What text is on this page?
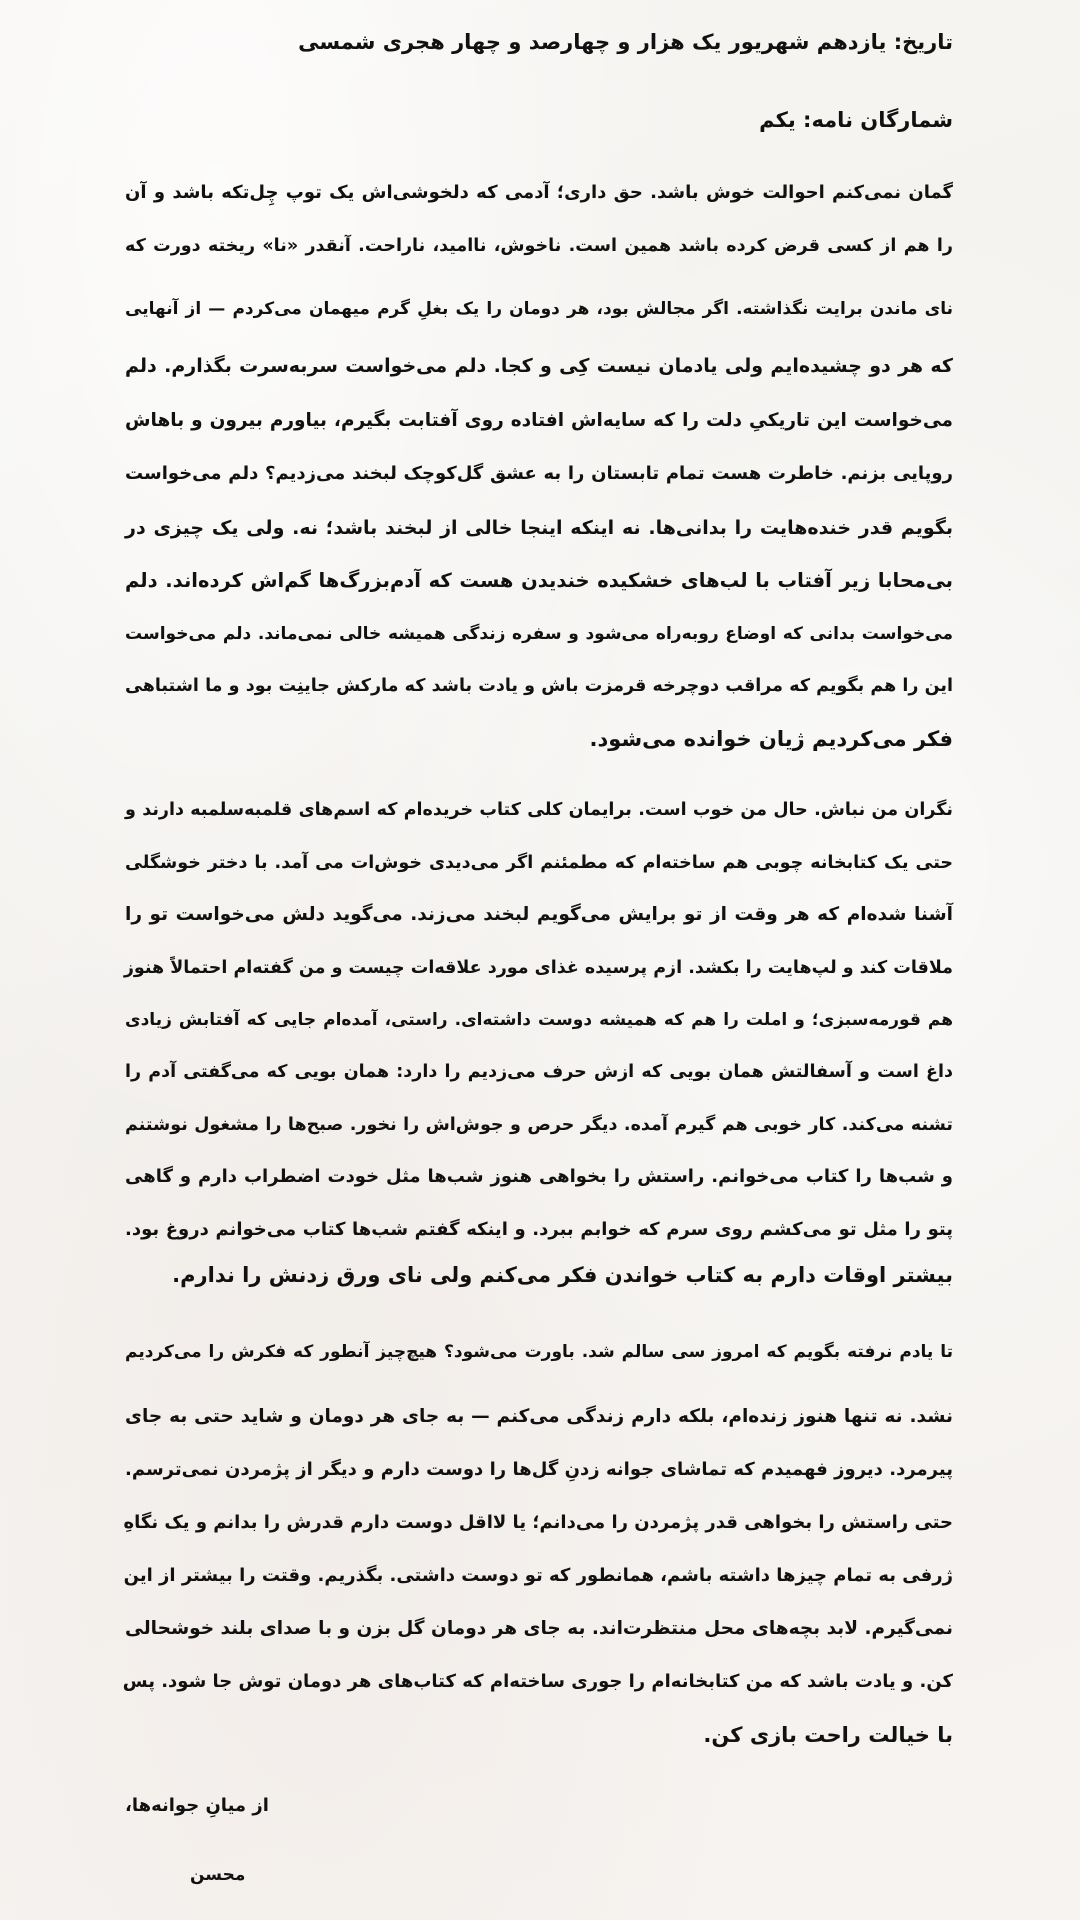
تاریخ: یازدهم شهریور یک هزار و چهارصد و چهار هجری شمسی
شمارگان نامه: یکم
گمان نمی‌کنم احوالت خوش باشد. حق داری؛ آدمی که دلخوشی‌اش یک توپ چِل‌تکه باشد و آن
را هم از کسی قرض کرده باشد همین است. ناخوش، ناامید، ناراحت. آنقدر «نا» ریخته دورت که
نای ماندن برایت نگذاشته. اگر مجالش بود، هر دومان را یک بغلِ گرم میهمان می‌کردم — از آنهایی
که هر دو چشیده‌ایم ولی یادمان نیست کِی و کجا. دلم می‌خواست سربه‌سرت بگذارم. دلم
می‌خواست این تاریکیِ دلت را که سایه‌اش افتاده روی آفتابت بگیرم، بیاورم بیرون و باهاش
روپایی بزنم. خاطرت هست تمام تابستان را به عشق گل‌کوچک لبخند می‌زدیم؟ دلم می‌خواست
بگویم قدر خنده‌هایت را بدانی‌ها. نه اینکه اینجا خالی از لبخند باشد؛ نه. ولی یک چیزی در
بی‌محابا زیر آفتاب با لب‌های خشکیده خندیدن هست که آدم‌بزرگ‌ها گم‌اش کرده‌اند. دلم
می‌خواست بدانی که اوضاع روبه‌راه می‌شود و سفره زندگی همیشه خالی نمی‌ماند. دلم می‌خواست
این را هم بگویم که مراقب دوچرخه قرمزت باش و یادت باشد که مارکش جاینِت بود و ما اشتباهی
فکر می‌کردیم ژیان خوانده می‌شود.
نگران من نباش. حال من خوب است. برایمان کلی کتاب خریده‌ام که اسم‌های قلمبه‌سلمبه دارند و
حتی یک کتابخانه چوبی هم ساخته‌ام که مطمئنم اگر می‌دیدی خوش‌ات می آمد. با دختر خوشگلی
آشنا شده‌ام که هر وقت از تو برایش می‌گویم لبخند می‌زند. می‌گوید دلش می‌خواست تو را
ملاقات کند و لپ‌هایت را بکشد. ازم پرسیده غذای مورد علاقه‌ات چیست و من گفته‌ام احتمالاً هنوز
هم قورمه‌سبزی؛ و املت را هم که همیشه دوست داشته‌ای. راستی، آمده‌ام جایی که آفتابش زیادی
داغ است و آسفالتش همان بویی که ازش حرف می‌زدیم را دارد: همان بویی که می‌گفتی آدم را
تشنه می‌کند. کار خوبی هم گیرم آمده. دیگر حرص و جوش‌اش را نخور. صبح‌ها را مشغول نوشتنم
و شب‌ها را کتاب می‌خوانم. راستش را بخواهی هنوز شب‌ها مثل خودت اضطراب دارم و گاهی
پتو را مثل تو می‌کشم روی سرم که خوابم ببرد. و اینکه گفتم شب‌ها کتاب می‌خوانم دروغ بود.
بیشتر اوقات دارم به کتاب خواندن فکر می‌کنم ولی نای ورق زدنش را ندارم.
تا یادم نرفته بگویم که امروز سی سالم شد. باورت می‌شود؟ هیچ‌چیز آنطور که فکرش را می‌کردیم
نشد. نه تنها هنوز زنده‌ام، بلکه دارم زندگی می‌کنم — به جای هر دومان و شاید حتی به جای
پیرمرد. دیروز فهمیدم که تماشای جوانه زدنِ گل‌ها را دوست دارم و دیگر از پژمردن نمی‌ترسم.
حتی راستش را بخواهی قدر پژمردن را می‌دانم؛ یا لااقل دوست دارم قدرش را بدانم و یک نگاهِ
ژرفی به تمام چیزها داشته باشم، همانطور که تو دوست داشتی. بگذریم. وقتت را بیشتر از این
نمی‌گیرم. لابد بچه‌های محل منتظرت‌اند. به جای هر دومان گل بزن و با صدای بلند خوشحالی
کن. و یادت باشد که من کتابخانه‌ام را جوری ساخته‌ام که کتاب‌های هر دومان توش جا شود. پس
با خیالت راحت بازی کن.
از میانِ جوانه‌ها،
محسن
